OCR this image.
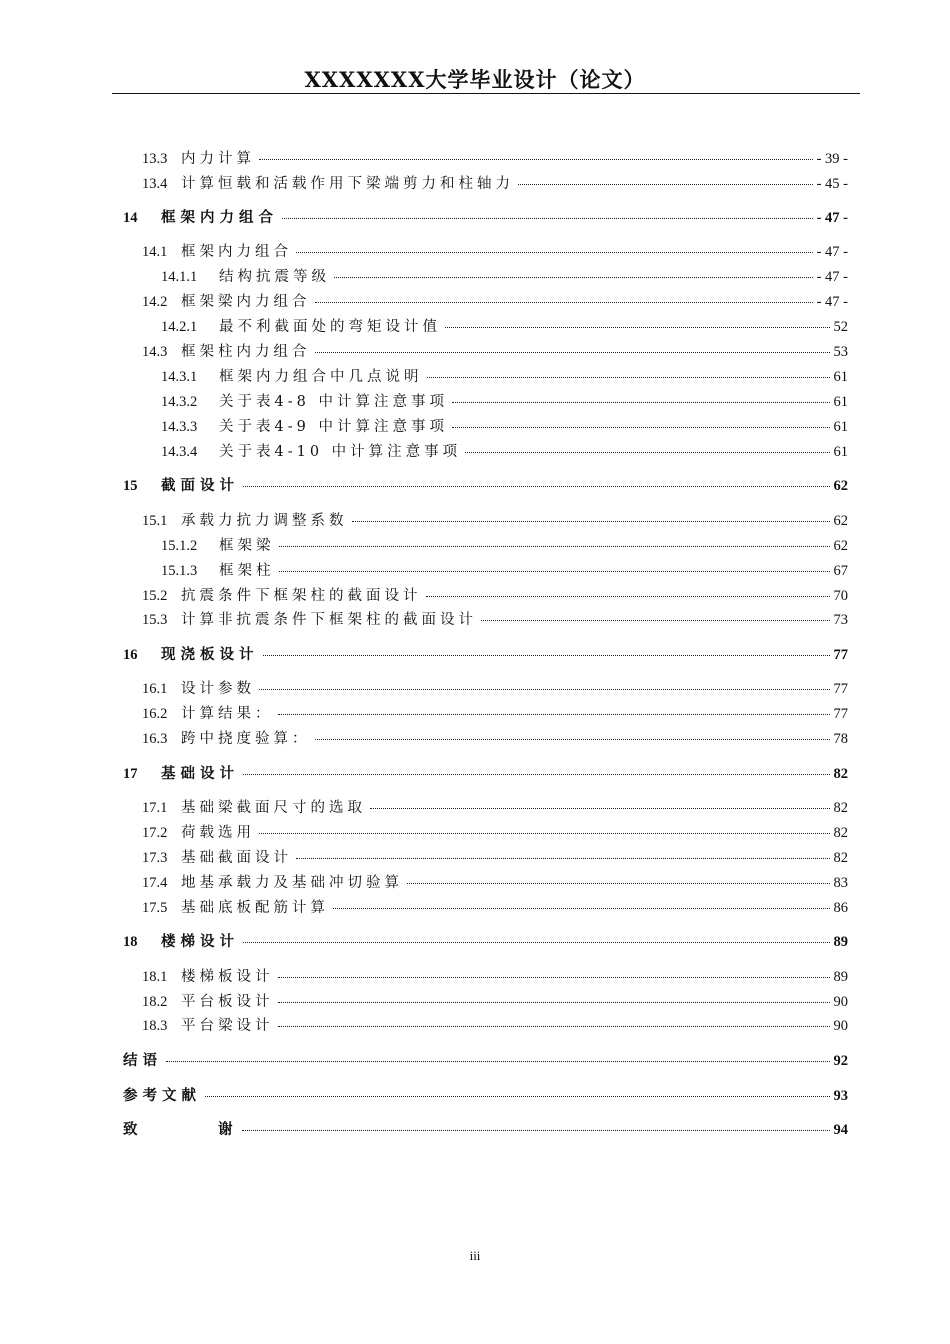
XXXXXXX大学毕业设计（论文）
13.3 内力计算	- 39 -
13.4 计算恒载和活载作用下梁端剪力和柱轴力	- 45 -
14	框架内力组合	- 47 -
14.1 框架内力组合	- 47 -
14.1.1	结构抗震等级	- 47 -
14.2 框架梁内力组合	- 47 -
14.2.1	最不利截面处的弯矩设计值	52
14.3 框架柱内力组合	53
14.3.1	框架内力组合中几点说明	61
14.3.2	关于表4-8 中计算注意事项	61
14.3.3	关于表4-9 中计算注意事项	61
14.3.4	关于表4-10 中计算注意事项	61
15	截面设计	62
15.1 承载力抗力调整系数	62
15.1.2	框架梁	62
15.1.3	框架柱	67
15.2 抗震条件下框架柱的截面设计	70
15.3 计算非抗震条件下框架柱的截面设计	73
16	现浇板设计	77
16.1 设计参数	77
16.2 计算结果：	77
16.3 跨中挠度验算：	78
17	基础设计	82
17.1 基础梁截面尺寸的选取	82
17.2 荷载选用	82
17.3 基础截面设计	82
17.4 地基承载力及基础冲切验算	83
17.5 基础底板配筋计算	86
18	楼梯设计	89
18.1 楼梯板设计	89
18.2 平台板设计	90
18.3 平台梁设计	90
结语	92
参考文献	93
致	谢	94
iii
